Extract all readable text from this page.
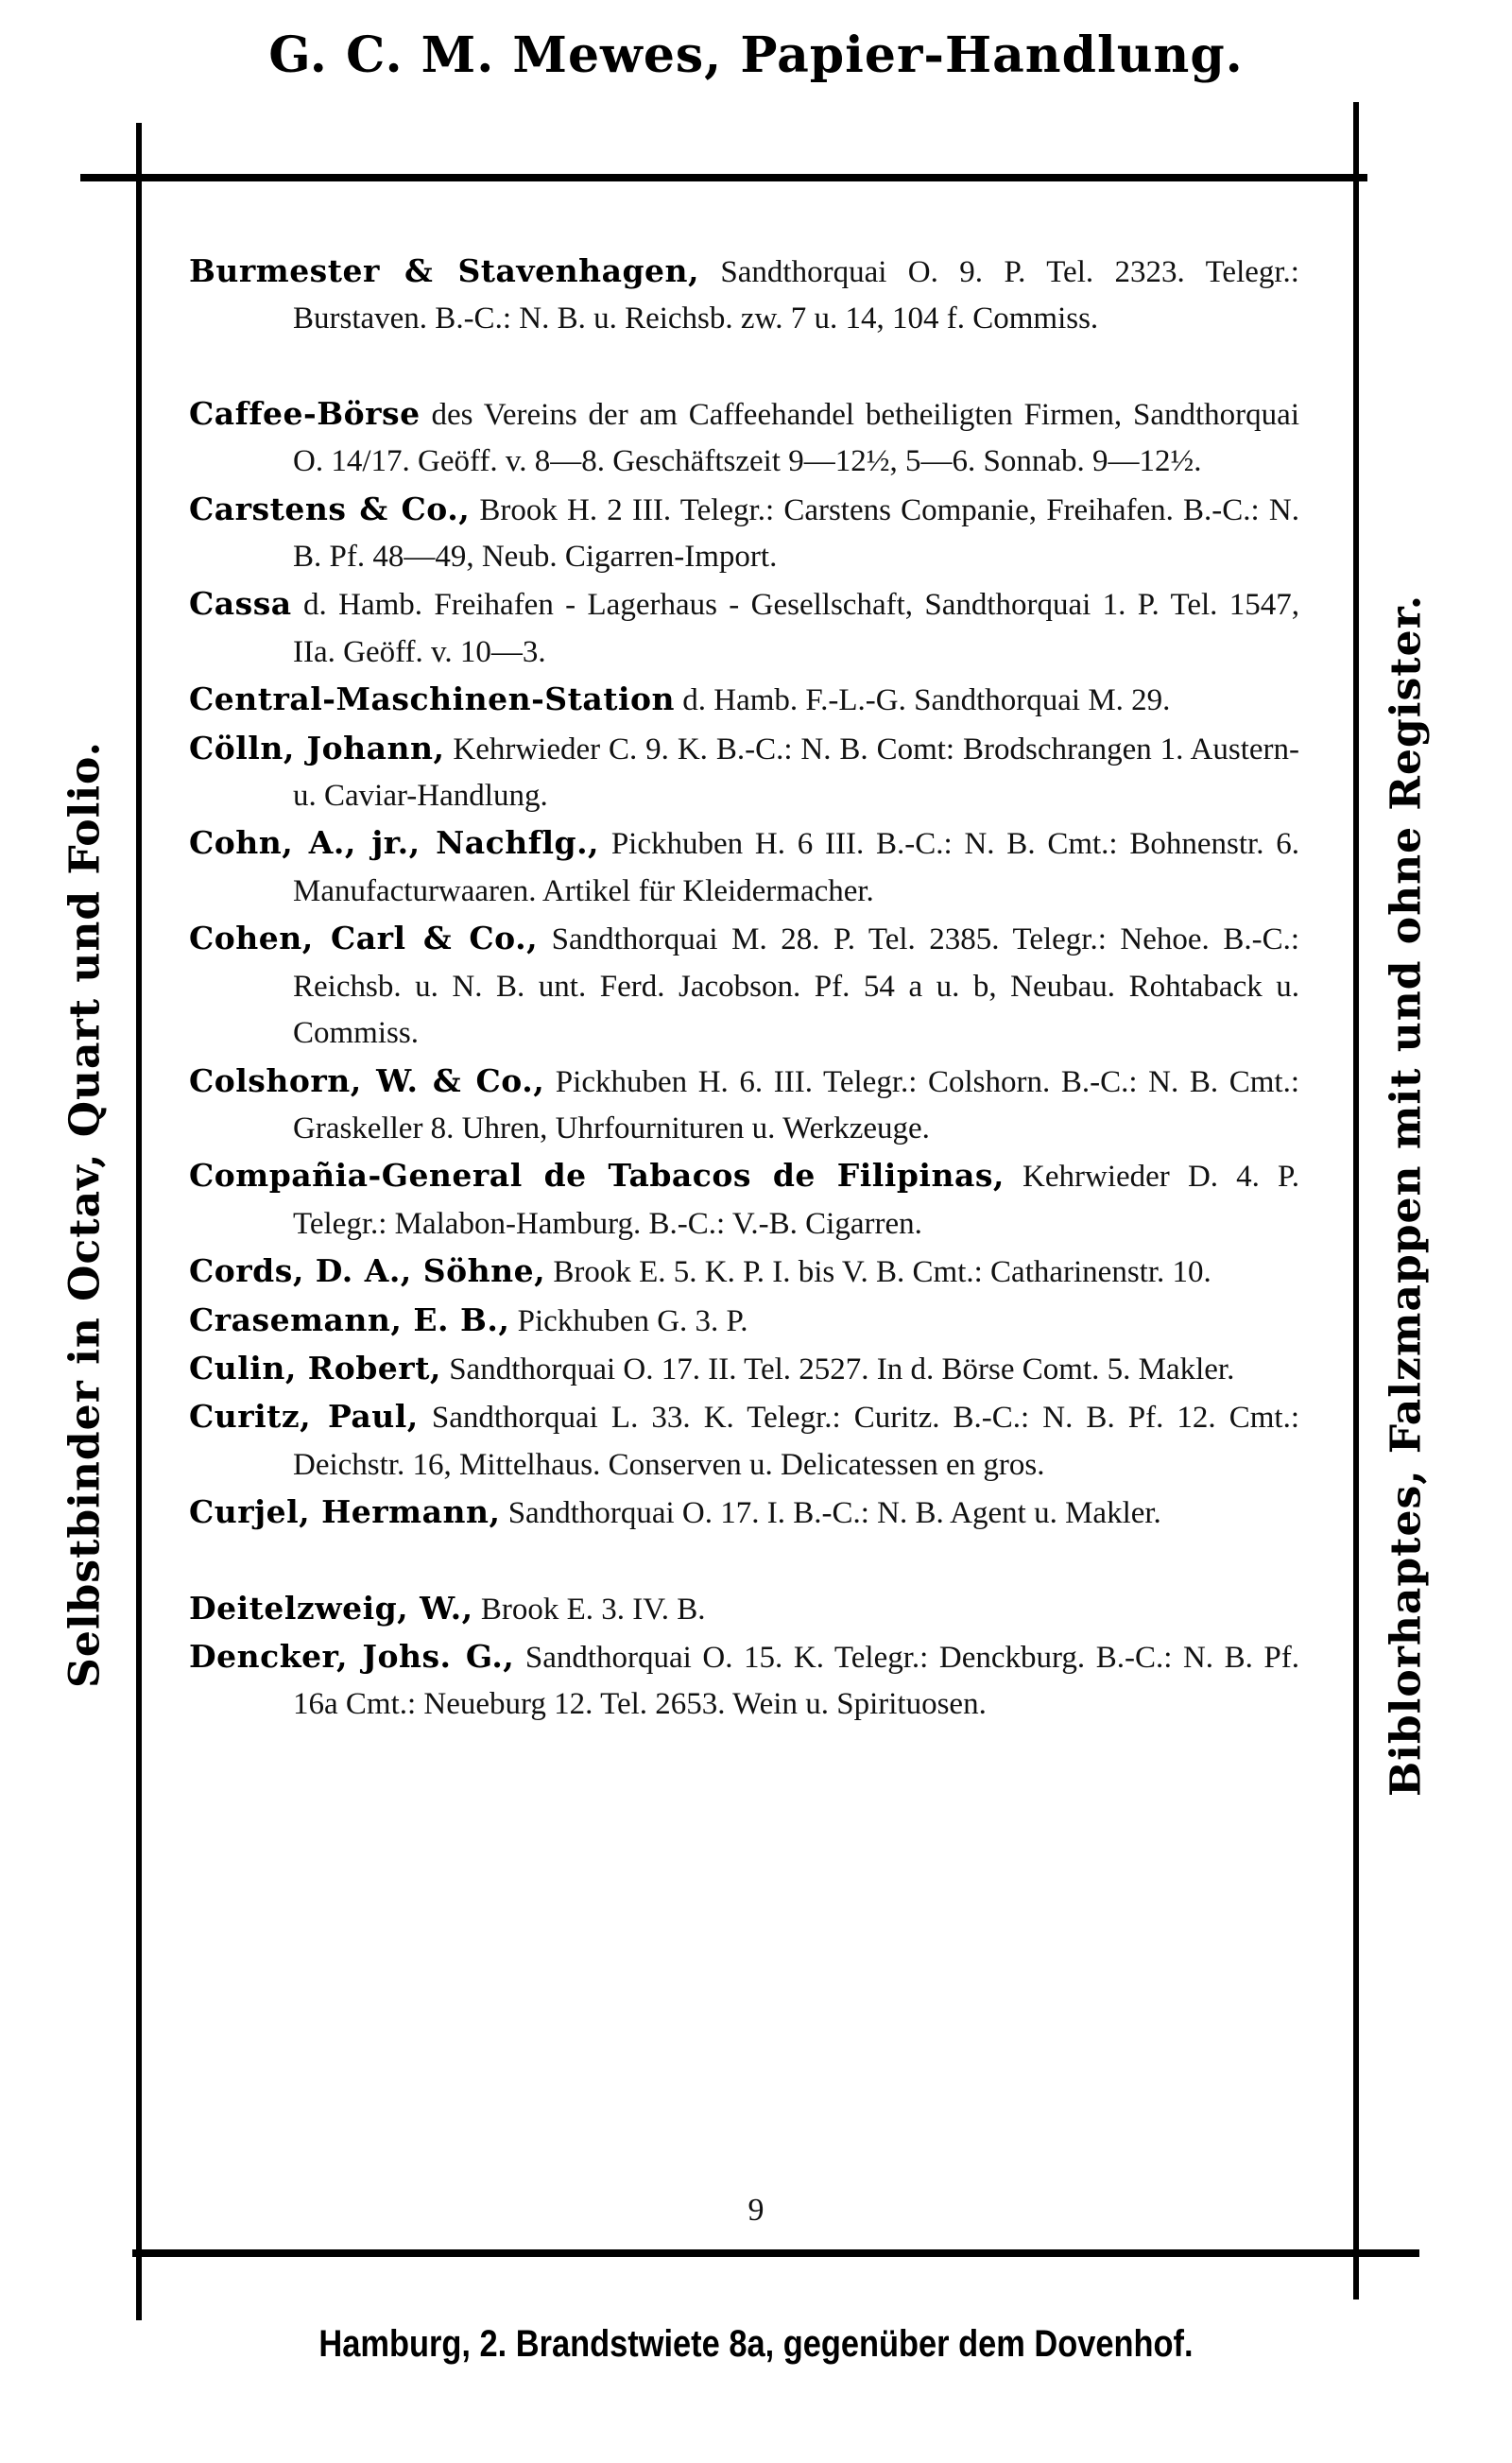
G. C. M. Mewes, Papier-Handlung.
Selbstbinder in Octav, Quart und Folio.	Biblorhaptes, Falzmappen mit und ohne Register.

Burmester & Stavenhagen, Sandthorquai O. 9. P. Tel. 2323. Telegr.: Burstaven. B.-C.: N. B. u. Reichsb. zw. 7 u. 14, 104 f. Commiss.

Caffee-Börse des Vereins der am Caffeehandel betheiligten Firmen, Sandthorquai O. 14/17. Geöff. v. 8—8. Geschäftszeit 9—12½, 5—6. Sonnab. 9—12½.

Carstens & Co., Brook H. 2 III. Telegr.: Carstens Companie, Freihafen. B.-C.: N. B. Pf. 48—49, Neub. Cigarren-Import.

Cassa d. Hamb. Freihafen - Lagerhaus - Gesellschaft, Sandthorquai 1. P. Tel. 1547, IIa. Geöff. v. 10—3.

Central-Maschinen-Station d. Hamb. F.-L.-G. Sandthorquai M. 29.

Cölln, Johann, Kehrwieder C. 9. K. B.-C.: N. B. Comt: Brodschrangen 1. Austern- u. Caviar-Handlung.

Cohn, A., jr., Nachflg., Pickhuben H. 6 III. B.-C.: N. B. Cmt.: Bohnenstr. 6. Manufacturwaaren. Artikel für Kleidermacher.

Cohen, Carl & Co., Sandthorquai M. 28. P. Tel. 2385. Telegr.: Nehoe. B.-C.: Reichsb. u. N. B. unt. Ferd. Jacobson. Pf. 54 a u. b, Neubau. Rohtaback u. Commiss.

Colshorn, W. & Co., Pickhuben H. 6. III. Telegr.: Colshorn. B.-C.: N. B. Cmt.: Graskeller 8. Uhren, Uhrfournituren u. Werkzeuge.

Compañia-General de Tabacos de Filipinas, Kehrwieder D. 4. P. Telegr.: Malabon-Hamburg. B.-C.: V.-B. Cigarren.

Cords, D. A., Söhne, Brook E. 5. K. P. I. bis V. B. Cmt.: Catharinenstr. 10.

Crasemann, E. B., Pickhuben G. 3. P.

Culin, Robert, Sandthorquai O. 17. II. Tel. 2527. In d. Börse Comt. 5. Makler.

Curitz, Paul, Sandthorquai L. 33. K. Telegr.: Curitz. B.-C.: N. B. Pf. 12. Cmt.: Deichstr. 16, Mittelhaus. Conserven u. Delicatessen en gros.

Curjel, Hermann, Sandthorquai O. 17. I. B.-C.: N. B. Agent u. Makler.

Deitelzweig, W., Brook E. 3. IV. B.

Dencker, Johs. G., Sandthorquai O. 15. K. Telegr.: Denckburg. B.-C.: N. B. Pf. 16a Cmt.: Neueburg 12. Tel. 2653. Wein u. Spirituosen.

9
Hamburg, 2. Brandstwiete 8a, gegenüber dem Dovenhof.
